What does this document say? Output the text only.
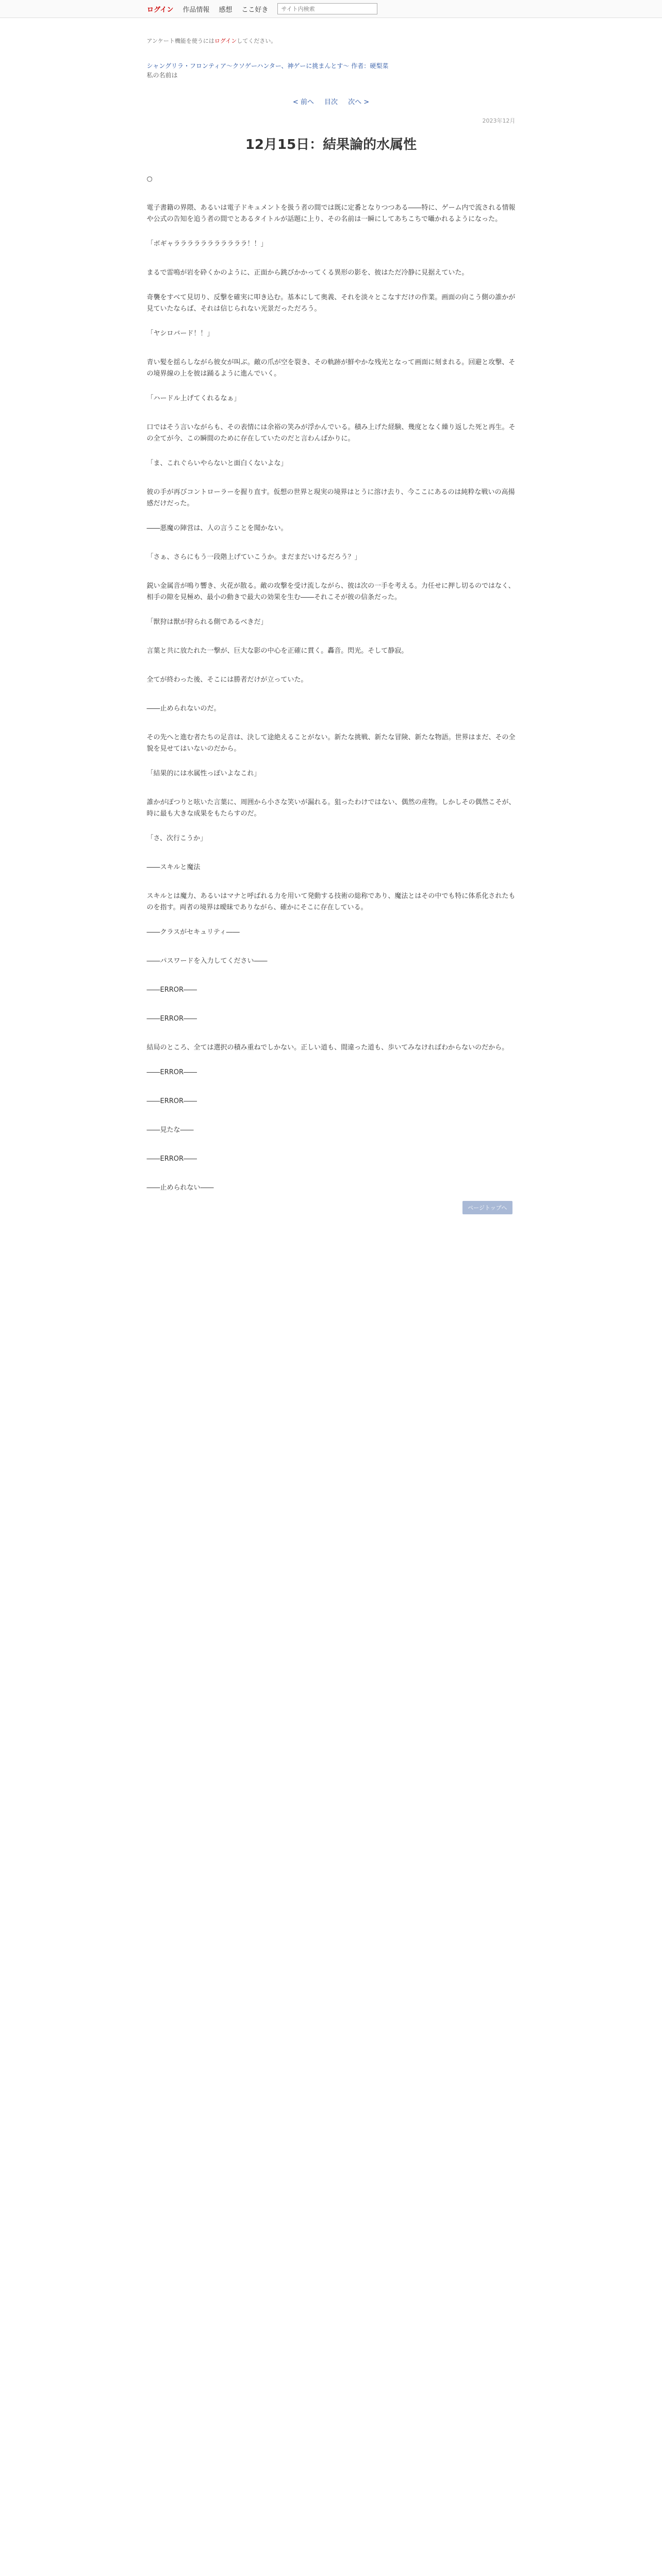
ログイン 作品情報 感想 ここ好き
サイト内検索
アンケート機能を使うにはログインしてください。
シャングリラ・フロンティア〜クソゲーハンター、神ゲーに挑まんとす〜 作者：硬梨菜
私の名前は
< 前へ 目次 次へ >
2023年12月
12月15日：結果論的水属性

○

電子書籍の界隈、あるいは電子ドキュメントを扱う者の間では既に定番となりつつある――特に、ゲーム内で流される情報や公式の告知を追う者の間でとあるタイトルが話題に上り、その名前は一瞬にしてあちこちで囁かれるようになった。

「ボギャラララララララララララ！！」

まるで雷鳴が岩を砕くかのように、正面から跳びかかってくる異形の影を、彼はただ冷静に見据えていた。

奇襲をすべて見切り、反撃を確実に叩き込む。基本にして奥義、それを淡々とこなすだけの作業。画面の向こう側の誰かが見ていたならば、それは信じられない光景だっただろう。

「ヤシロバード！！」

青い髪を揺らしながら彼女が叫ぶ。敵の爪が空を裂き、その軌跡が鮮やかな残光となって画面に刻まれる。回避と攻撃、その境界線の上を彼は踊るように進んでいく。

「ハードル上げてくれるなぁ」

口ではそう言いながらも、その表情には余裕の笑みが浮かんでいる。積み上げた経験、幾度となく繰り返した死と再生。その全てが今、この瞬間のために存在していたのだと言わんばかりに。

「ま、これぐらいやらないと面白くないよな」

彼の手が再びコントローラーを握り直す。仮想の世界と現実の境界はとうに溶け去り、今ここにあるのは純粋な戦いの高揚感だけだった。

――悪魔の陣営は、人の言うことを聞かない。

「さぁ、さらにもう一段階上げていこうか。まだまだいけるだろう？」

鋭い金属音が鳴り響き、火花が散る。敵の攻撃を受け流しながら、彼は次の一手を考える。力任せに押し切るのではなく、相手の隙を見極め、最小の動きで最大の効果を生む――それこそが彼の信条だった。

「獣狩は獣が狩られる側であるべきだ」

言葉と共に放たれた一撃が、巨大な影の中心を正確に貫く。轟音。閃光。そして静寂。

全てが終わった後、そこには勝者だけが立っていた。

――止められないのだ。

その先へと進む者たちの足音は、決して途絶えることがない。新たな挑戦、新たな冒険、新たな物語。世界はまだ、その全貌を見せてはいないのだから。

「結果的には水属性っぽいよなこれ」

誰かがぽつりと呟いた言葉に、周囲から小さな笑いが漏れる。狙ったわけではない、偶然の産物。しかしその偶然こそが、時に最も大きな成果をもたらすのだ。

「さ、次行こうか」

――スキルと魔法

スキルとは魔力、あるいはマナと呼ばれる力を用いて発動する技術の総称であり、魔法とはその中でも特に体系化されたものを指す。両者の境界は曖昧でありながら、確かにそこに存在している。

――クラスがセキュリティ――

――パスワードを入力してください――

――ERROR――

――ERROR――

結局のところ、全ては選択の積み重ねでしかない。正しい道も、間違った道も、歩いてみなければわからないのだから。

――ERROR――

――ERROR――

――見たな――

――ERROR――

――止められない――

ページトップへ
